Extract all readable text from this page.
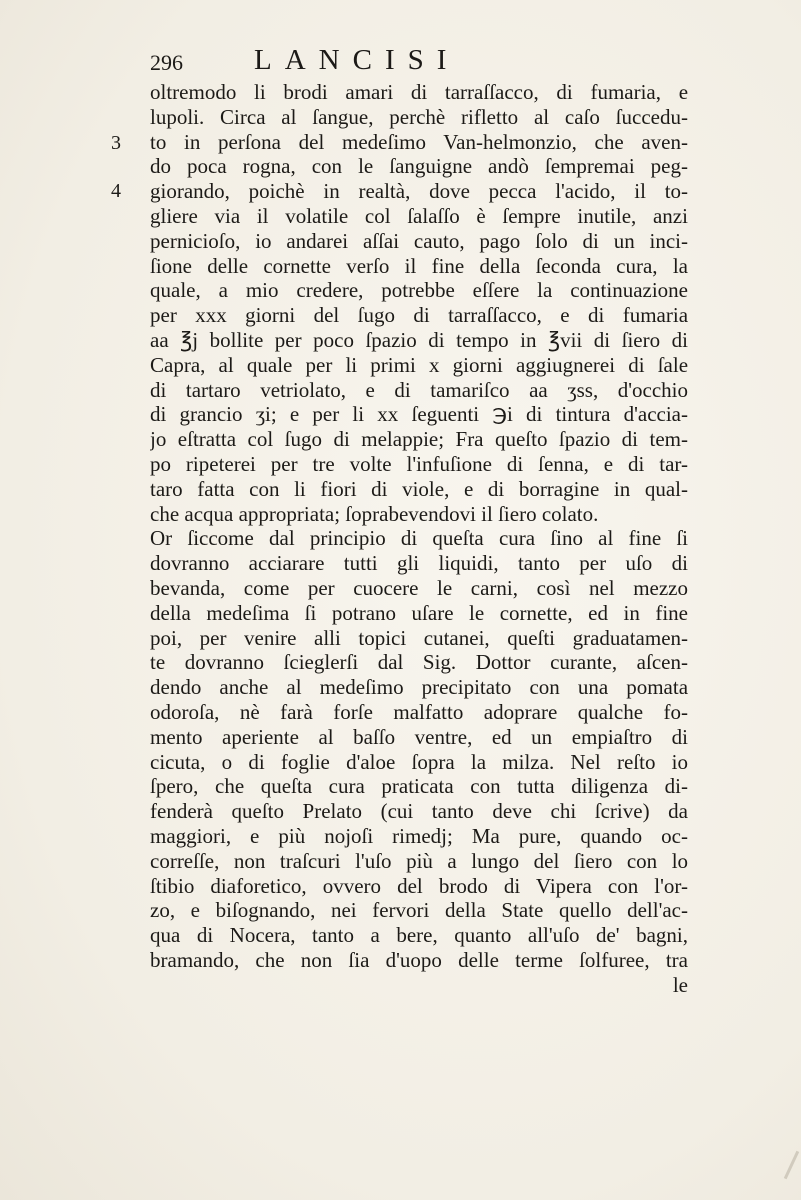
296 LANCISI
3
4
oltremodo li brodi amari di tarraſſacco, di fumaria, e
lupoli. Circa al ſangue, perchè rifletto al caſo ſuccedu-
to in perſona del medeſimo Van-helmonzio, che aven-
do poca rogna, con le ſanguigne andò ſempremai peg-
giorando, poichè in realtà, dove pecca l'acido, il to-
gliere via il volatile col ſalaſſo è ſempre inutile, anzi
pernicioſo, io andarei aſſai cauto, pago ſolo di un inci-
ſione delle cornette verſo il fine della ſeconda cura, la
quale, a mio credere, potrebbe eſſere la continuazione
per xxx giorni del ſugo di tarraſſacco, e di fumaria
aa ℥j bollite per poco ſpazio di tempo in ℥vii di ſiero di
Capra, al quale per li primi x giorni aggiugnerei di ſale
di tartaro vetriolato, e di tamariſco aa ʒss, d'occhio
di grancio ʒi; e per li xx ſeguenti ℈i di tintura d'accia-
jo eſtratta col ſugo di melappie; Fra queſto ſpazio di tem-
po ripeterei per tre volte l'infuſione di ſenna, e di tar-
taro fatta con li fiori di viole, e di borragine in qual-
che acqua appropriata; ſoprabevendovi il ſiero colato.
Or ſiccome dal principio di queſta cura ſino al fine ſi
dovranno acciarare tutti gli liquidi, tanto per uſo di
bevanda, come per cuocere le carni, così nel mezzo
della medeſima ſi potrano uſare le cornette, ed in fine
poi, per venire alli topici cutanei, queſti graduatamen-
te dovranno ſcieglerſi dal Sig. Dottor curante, aſcen-
dendo anche al medeſimo precipitato con una pomata
odoroſa, nè farà forſe malfatto adoprare qualche fo-
mento aperiente al baſſo ventre, ed un empiaſtro di
cicuta, o di foglie d'aloe ſopra la milza. Nel reſto io
ſpero, che queſta cura praticata con tutta diligenza di-
fenderà queſto Prelato (cui tanto deve chi ſcrive) da
maggiori, e più nojoſi rimedj; Ma pure, quando oc-
correſſe, non traſcuri l'uſo più a lungo del ſiero con lo
ſtibio diaforetico, ovvero del brodo di Vipera con l'or-
zo, e biſognando, nei fervori della State quello dell'ac-
qua di Nocera, tanto a bere, quanto all'uſo de' bagni,
bramando, che non ſia d'uopo delle terme ſolfuree, tra
le
